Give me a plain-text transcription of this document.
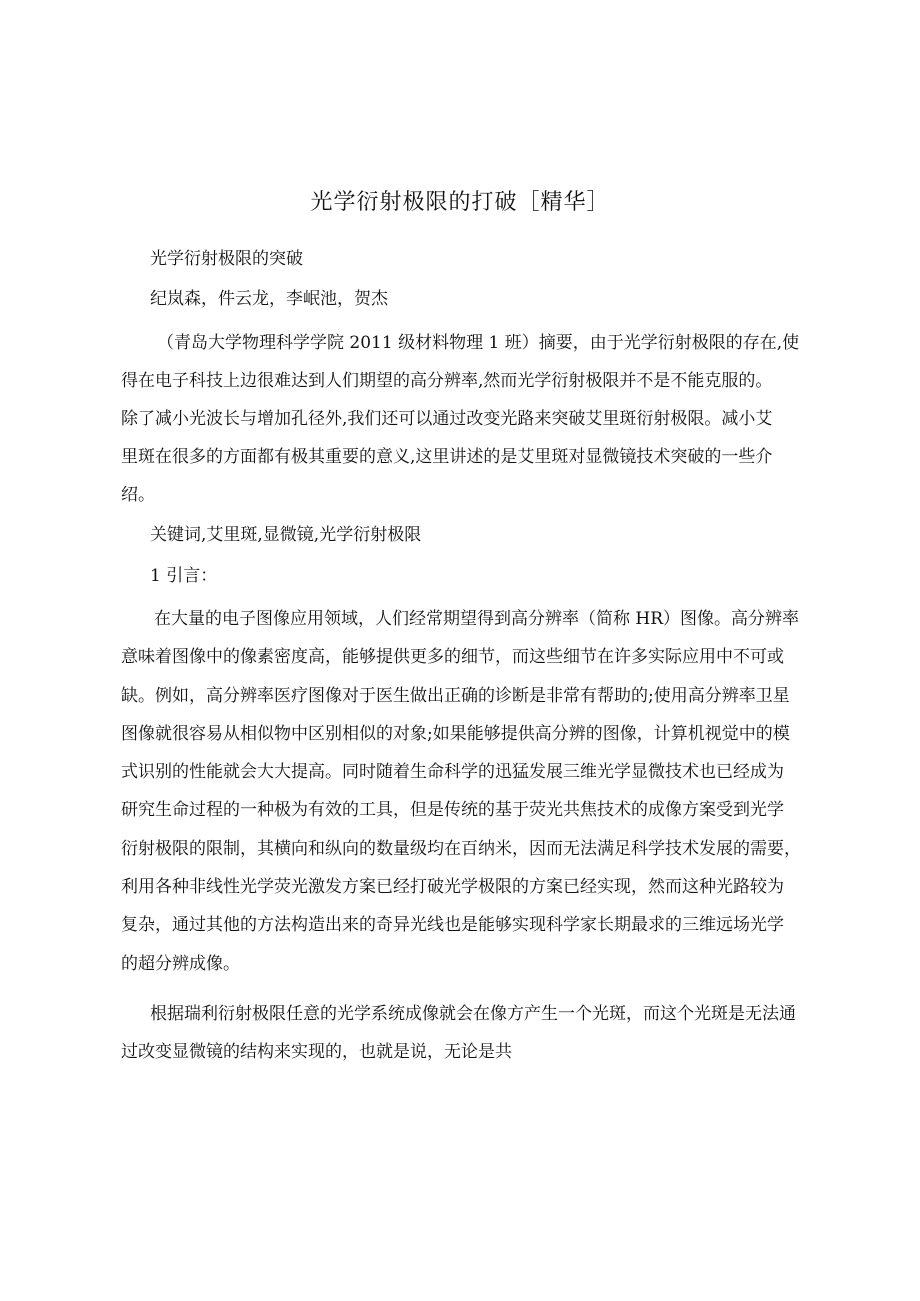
光学衍射极限的打破［精华］
光学衍射极限的突破
纪岚森，件云龙，李岷池，贺杰
（青岛大学物理科学学院 2011 级材料物理 1 班）摘要，由于光学衍射极限的存在,使
得在电子科技上边很难达到人们期望的高分辨率,然而光学衍射极限并不是不能克服的。
除了减小光波长与增加孔径外,我们还可以通过改变光路来突破艾里斑衍射极限。减小艾
里斑在很多的方面都有极其重要的意义,这里讲述的是艾里斑对显微镜技术突破的一些介
绍。
关键词,艾里斑,显微镜,光学衍射极限
1 引言：
在大量的电子图像应用领域，人们经常期望得到高分辨率（简称 HR）图像。高分辨率
意味着图像中的像素密度高，能够提供更多的细节，而这些细节在许多实际应用中不可或
缺。例如，高分辨率医疗图像对于医生做出正确的诊断是非常有帮助的;使用高分辨率卫星
图像就很容易从相似物中区别相似的对象;如果能够提供高分辨的图像，计算机视觉中的模
式识别的性能就会大大提高。同时随着生命科学的迅猛发展三维光学显微技术也已经成为
研究生命过程的一种极为有效的工具，但是传统的基于荧光共焦技术的成像方案受到光学
衍射极限的限制，其横向和纵向的数量级均在百纳米，因而无法满足科学技术发展的需要，
利用各种非线性光学荧光激发方案已经打破光学极限的方案已经实现，然而这种光路较为
复杂，通过其他的方法构造出来的奇异光线也是能够实现科学家长期最求的三维远场光学
的超分辨成像。
根据瑞利衍射极限任意的光学系统成像就会在像方产生一个光斑，而这个光斑是无法通
过改变显微镜的结构来实现的，也就是说，无论是共
